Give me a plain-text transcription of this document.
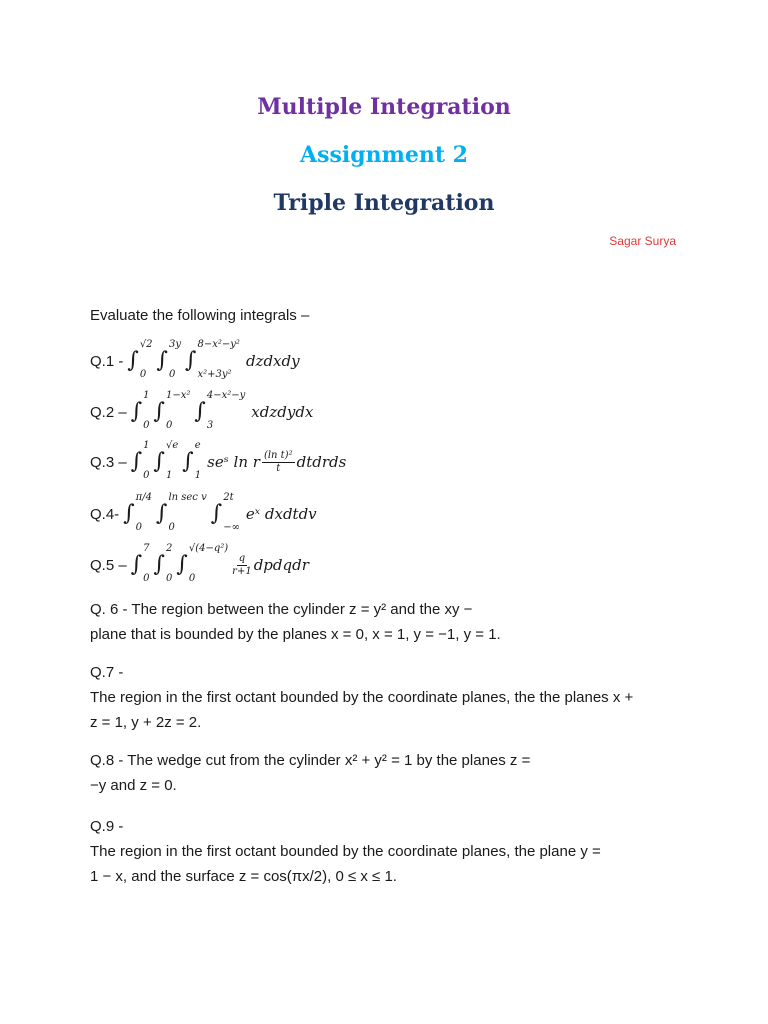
Multiple Integration
Assignment 2
Triple Integration
Sagar Surya
Evaluate the following integrals –
Q.1 - ∫
√2
0
∫
3y
0
∫
8−x²−y²
x²+3y²
dzdxdy
Q.2 – ∫
1
0
∫
1−x²
0
∫
4−x²−y
3
xdzdydx
Q.3 – ∫
1
0
∫
√e
1
∫
e
1
seˢ ln r $\frac{\text{(ln t)²}}{t}$ dtdrds
Q.4- ∫
π/4
0
∫
ln sec v
0
∫
2t
−∞
eˣ dxdtdv
Q.5 – ∫
7
0
∫
2
0
∫
√(4−q²)
0
$\frac{q}{r+1}$ dpdqdr
Q. 6 - The region between the cylinder z = y² and the xy −
plane that is bounded by the planes x = 0, x = 1, y = −1, y = 1.
Q.7 -
The region in the first octant bounded by the coordinate planes, the the planes x +
z = 1, y + 2z = 2.
Q.8 - The wedge cut from the cylinder x² + y² = 1 by the planes z =
−y and z = 0.
Q.9 -
The region in the first octant bounded by the coordinate planes, the plane y =
1 − x, and the surface z = cos(πx/2), 0 ≤ x ≤ 1.
